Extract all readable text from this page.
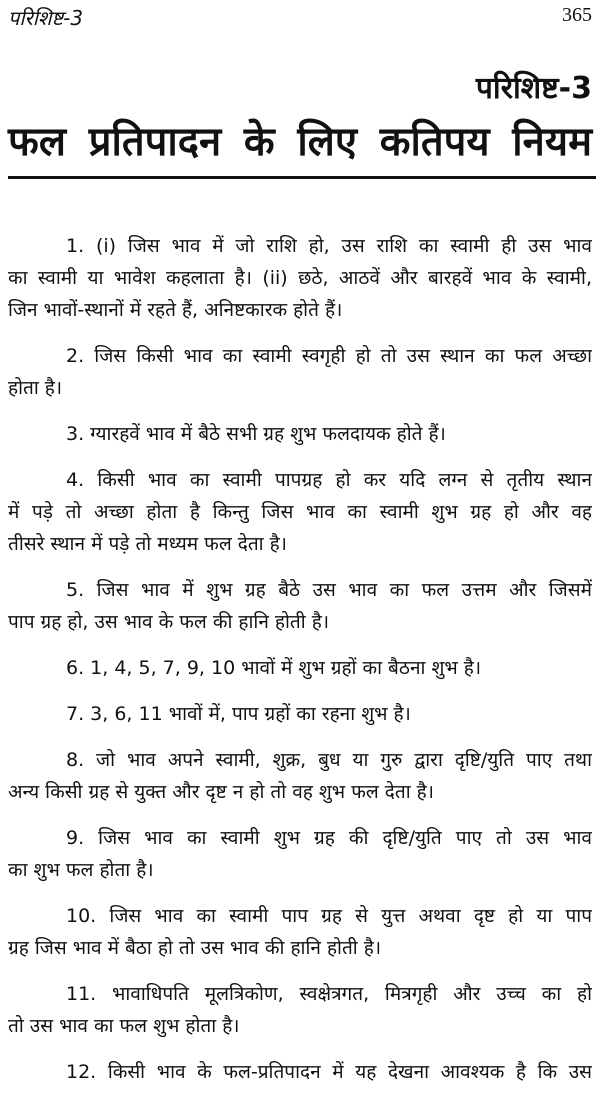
परिशिष्ट-3	365
परिशिष्ट-3
फल प्रतिपादन के लिए कतिपय नियम
1. (i) जिस भाव में जो राशि हो, उस राशि का स्वामी ही उस भाव
का स्वामी या भावेश कहलाता है। (ii) छठे, आठवें और बारहवें भाव के स्वामी,
जिन भावों-स्थानों में रहते हैं, अनिष्टकारक होते हैं।
2. जिस किसी भाव का स्वामी स्वगृही हो तो उस स्थान का फल अच्छा
होता है।
3. ग्यारहवें भाव में बैठे सभी ग्रह शुभ फलदायक होते हैं।
4. किसी भाव का स्वामी पापग्रह हो कर यदि लग्न से तृतीय स्थान
में पड़े तो अच्छा होता है किन्तु जिस भाव का स्वामी शुभ ग्रह हो और वह
तीसरे स्थान में पड़े तो मध्यम फल देता है।
5. जिस भाव में शुभ ग्रह बैठे उस भाव का फल उत्तम और जिसमें
पाप ग्रह हो, उस भाव के फल की हानि होती है।
6. 1, 4, 5, 7, 9, 10 भावों में शुभ ग्रहों का बैठना शुभ है।
7. 3, 6, 11 भावों में, पाप ग्रहों का रहना शुभ है।
8. जो भाव अपने स्वामी, शुक्र, बुध या गुरु द्वारा दृष्टि/युति पाए तथा
अन्य किसी ग्रह से युक्त और दृष्ट न हो तो वह शुभ फल देता है।
9. जिस भाव का स्वामी शुभ ग्रह की दृष्टि/युति पाए तो उस भाव
का शुभ फल होता है।
10. जिस भाव का स्वामी पाप ग्रह से युत्त अथवा दृष्ट हो या पाप
ग्रह जिस भाव में बैठा हो तो उस भाव की हानि होती है।
11. भावाधिपति मूलत्रिकोण, स्वक्षेत्रगत, मित्रगृही और उच्च का हो
तो उस भाव का फल शुभ होता है।
12. किसी भाव के फल-प्रतिपादन में यह देखना आवश्यक है कि उस
